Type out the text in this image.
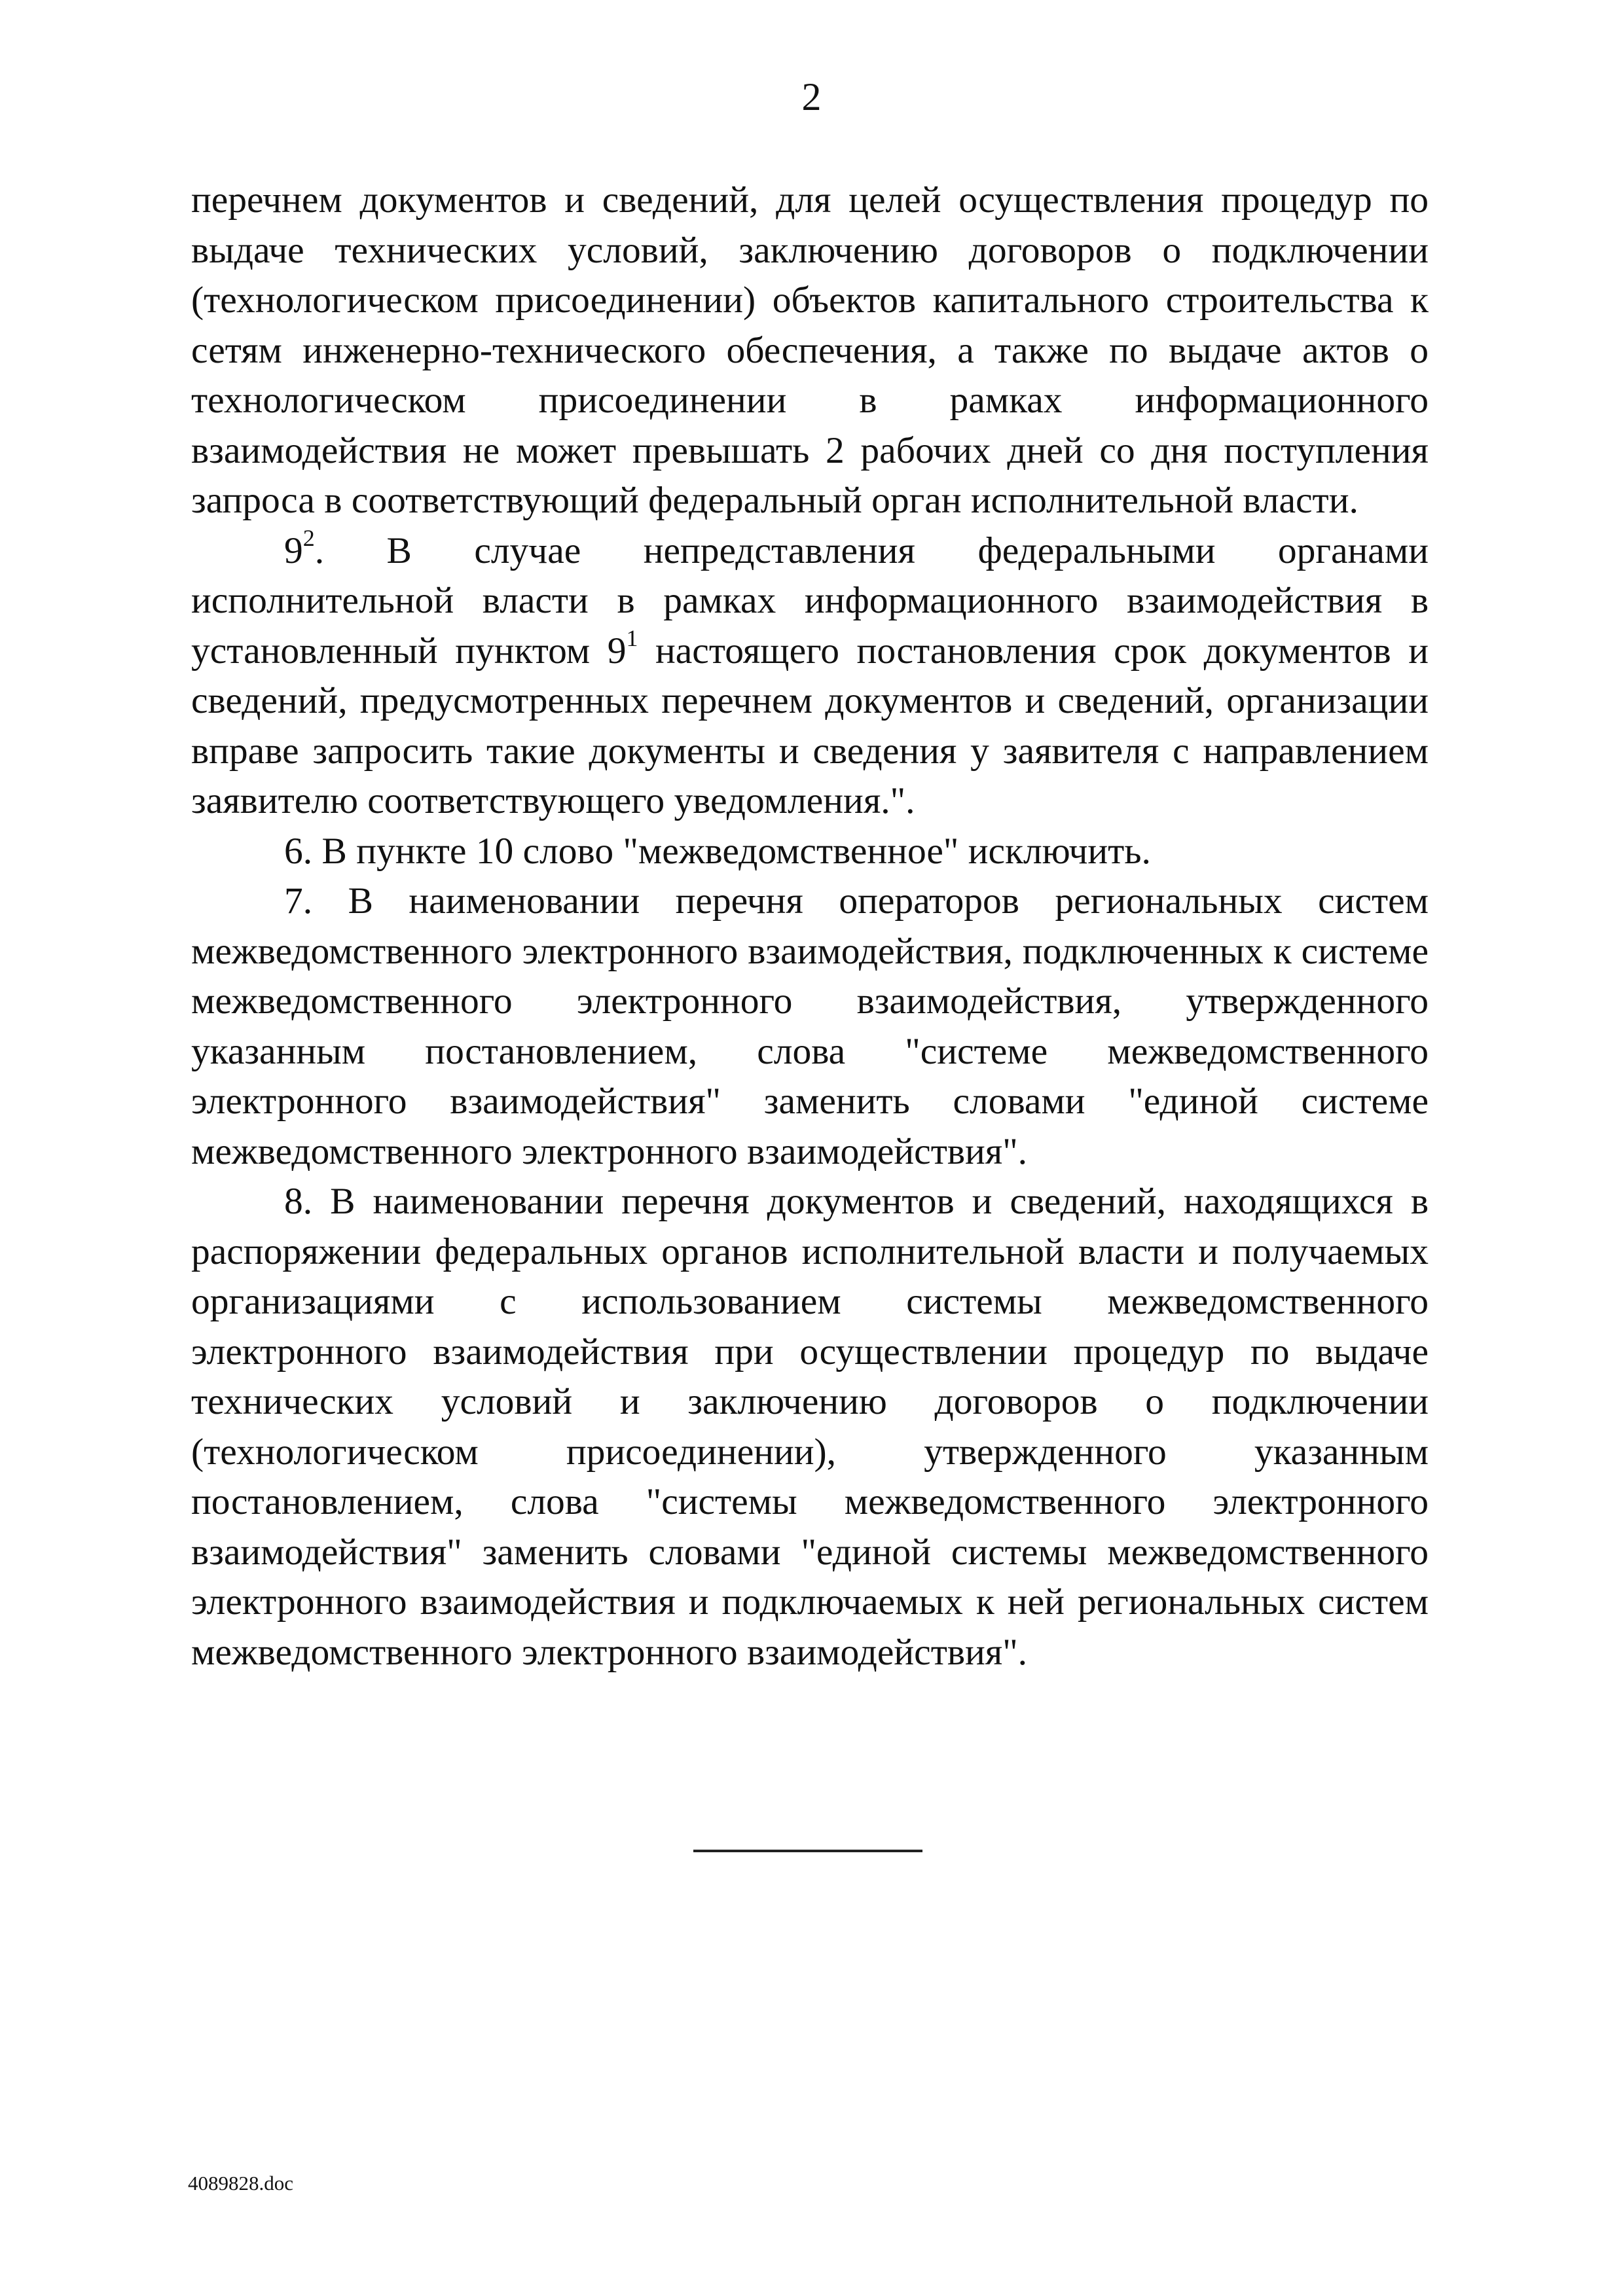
2

перечнем документов и сведений, для целей осуществления процедур по выдаче технических условий, заключению договоров о подключении (технологическом присоединении) объектов капитального строительства к сетям инженерно-технического обеспечения, а также по выдаче актов о технологическом присоединении в рамках информационного взаимодействия не может превышать 2 рабочих дней со дня поступления запроса в соответствующий федеральный орган исполнительной власти.

$9^2$. В случае непредставления федеральными органами исполнительной власти в рамках информационного взаимодействия в установленный пунктом $9^1$ настоящего постановления срок документов и сведений, предусмотренных перечнем документов и сведений, организации вправе запросить такие документы и сведения у заявителя с направлением заявителю соответствующего уведомления.".

6. В пункте 10 слово "межведомственное" исключить.

7. В наименовании перечня операторов региональных систем межведомственного электронного взаимодействия, подключенных к системе межведомственного электронного взаимодействия, утвержденного указанным постановлением, слова "системе межведомственного электронного взаимодействия" заменить словами "единой системе межведомственного электронного взаимодействия".

8. В наименовании перечня документов и сведений, находящихся в распоряжении федеральных органов исполнительной власти и получаемых организациями с использованием системы межведомственного электронного взаимодействия при осуществлении процедур по выдаче технических условий и заключению договоров о подключении (технологическом присоединении), утвержденного указанным постановлением, слова "системы межведомственного электронного взаимодействия" заменить словами "единой системы межведомственного электронного взаимодействия и подключаемых к ней региональных систем межведомственного электронного взаимодействия".

4089828.doc
